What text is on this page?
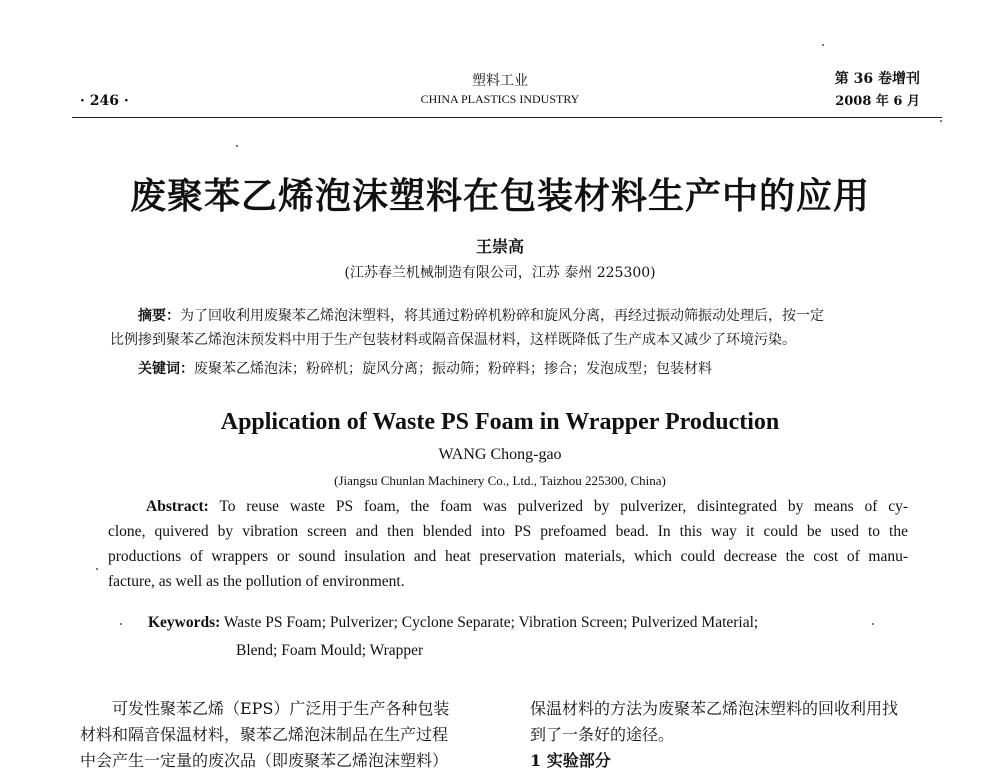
· 246 ·
塑料工业
CHINA PLASTICS INDUSTRY
第 36 卷增刊
2008 年 6 月
废聚苯乙烯泡沫塑料在包装材料生产中的应用
王崇高
(江苏春兰机械制造有限公司，江苏 泰州 225300)
摘要：为了回收利用废聚苯乙烯泡沫塑料，将其通过粉碎机粉碎和旋风分离，再经过振动筛振动处理后，按一定
比例掺到聚苯乙烯泡沫预发料中用于生产包装材料或隔音保温材料，这样既降低了生产成本又减少了环境污染。
关键词：废聚苯乙烯泡沫；粉碎机；旋风分离；振动筛；粉碎料；掺合；发泡成型；包装材料
Application of Waste PS Foam in Wrapper Production
WANG Chong-gao
(Jiangsu Chunlan Machinery Co., Ltd., Taizhou 225300, China)
Abstract: To reuse waste PS foam, the foam was pulverized by pulverizer, disintegrated by means of cy-
clone, quivered by vibration screen and then blended into PS prefoamed bead. In this way it could be used to the
productions of wrappers or sound insulation and heat preservation materials, which could decrease the cost of manu-
facture, as well as the pollution of environment.
Keywords: Waste PS Foam; Pulverizer; Cyclone Separate; Vibration Screen; Pulverized Material;
Blend; Foam Mould; Wrapper
可发性聚苯乙烯（EPS）广泛用于生产各种包装
材料和隔音保温材料，聚苯乙烯泡沫制品在生产过程
中会产生一定量的废次品（即废聚苯乙烯泡沫塑料）
保温材料的方法为废聚苯乙烯泡沫塑料的回收利用找
到了一条好的途径。
1 实验部分
